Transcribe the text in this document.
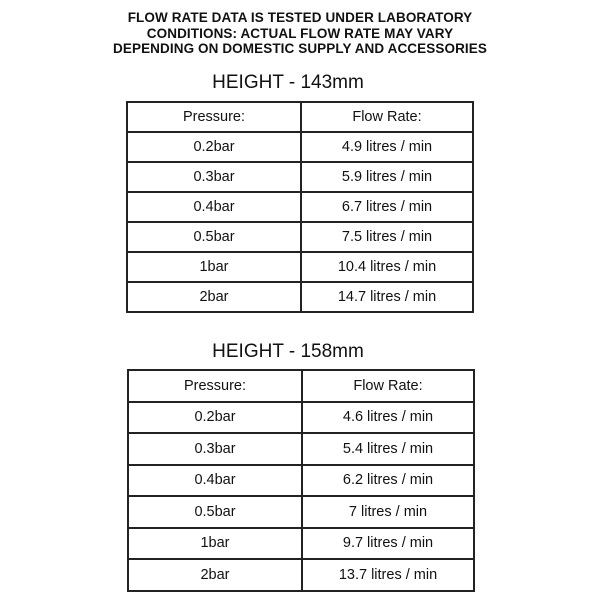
FLOW RATE DATA IS TESTED UNDER LABORATORY
CONDITIONS: ACTUAL FLOW RATE MAY VARY
DEPENDING ON DOMESTIC SUPPLY AND ACCESSORIES
HEIGHT - 143mm
Pressure:	Flow Rate:
0.2bar	4.9 litres / min
0.3bar	5.9 litres / min
0.4bar	6.7 litres / min
0.5bar	7.5 litres / min
1bar	10.4 litres / min
2bar	14.7 litres / min
HEIGHT - 158mm
Pressure:	Flow Rate:
0.2bar	4.6 litres / min
0.3bar	5.4 litres / min
0.4bar	6.2 litres / min
0.5bar	7 litres / min
1bar	9.7 litres / min
2bar	13.7 litres / min
